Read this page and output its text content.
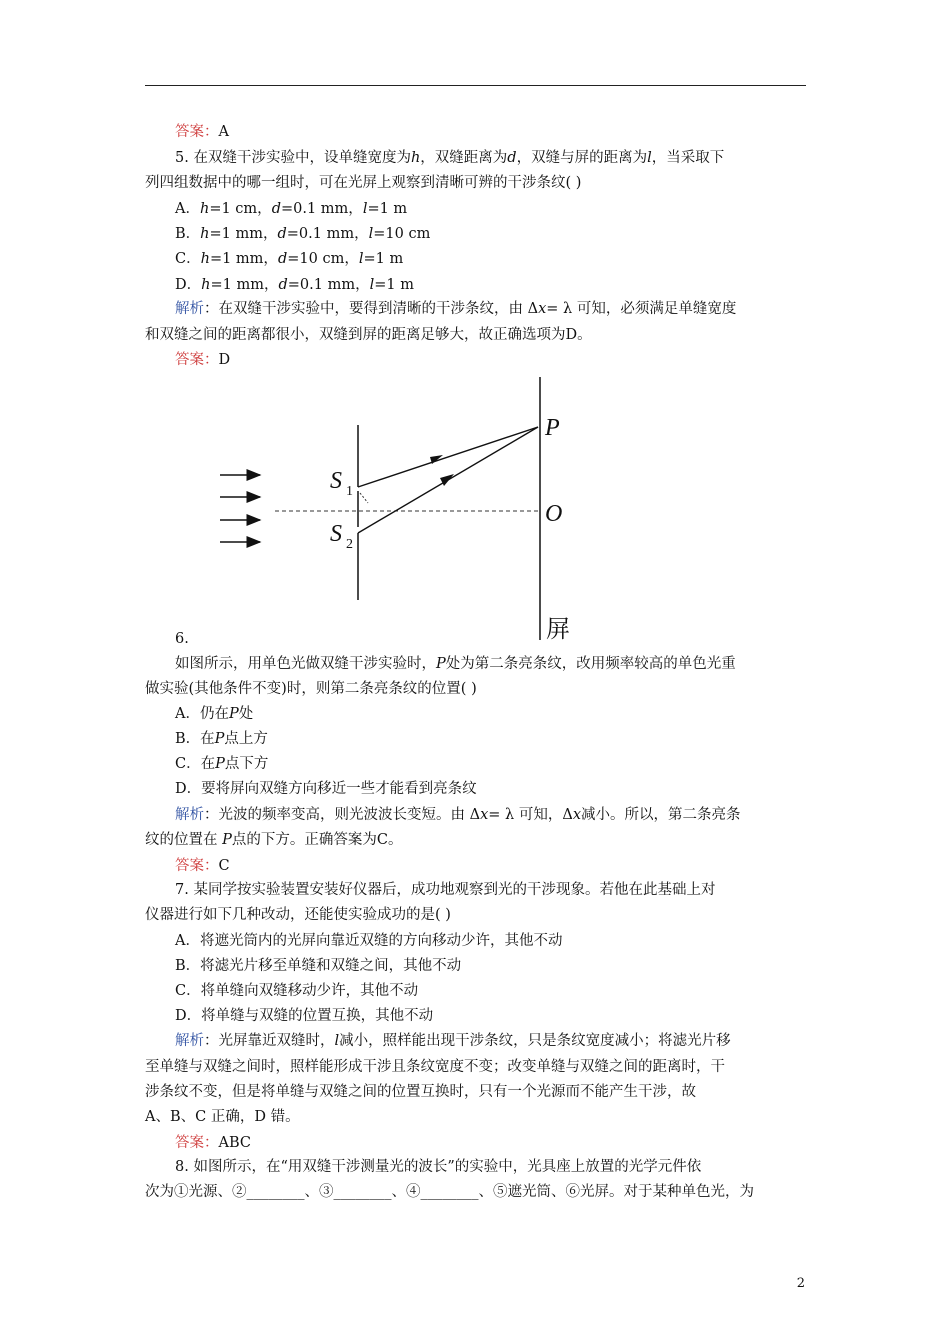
答案：A
5. 在双缝干涉实验中，设单缝宽度为h，双缝距离为d，双缝与屏的距离为l，当采取下
列四组数据中的哪一组时，可在光屏上观察到清晰可辨的干涉条纹( )
A．h=1 cm，d=0.1 mm，l=1 m
B．h=1 mm，d=0.1 mm，l=10 cm
C．h=1 mm，d=10 cm，l=1 m
D．h=1 mm，d=0.1 mm，l=1 m
解析：在双缝干涉实验中，要得到清晰的干涉条纹，由 Δx= λ 可知，必须满足单缝宽度
和双缝之间的距离都很小，双缝到屏的距离足够大，故正确选项为D。
答案：D
P
O
S 1
S 2
屏
6.
如图所示，用单色光做双缝干涉实验时，P处为第二条亮条纹，改用频率较高的单色光重
做实验(其他条件不变)时，则第二条亮条纹的位置( )
A．仍在P处
B．在P点上方
C．在P点下方
D．要将屏向双缝方向移近一些才能看到亮条纹
解析：光波的频率变高，则光波波长变短。由 Δx= λ 可知，Δx减小。所以，第二条亮条
纹的位置在 P点的下方。正确答案为C。
答案：C
7. 某同学按实验装置安装好仪器后，成功地观察到光的干涉现象。若他在此基础上对
仪器进行如下几种改动，还能使实验成功的是( )
A．将遮光筒内的光屏向靠近双缝的方向移动少许，其他不动
B．将滤光片移至单缝和双缝之间，其他不动
C．将单缝向双缝移动少许，其他不动
D．将单缝与双缝的位置互换，其他不动
解析：光屏靠近双缝时，l减小，照样能出现干涉条纹，只是条纹宽度减小；将滤光片移
至单缝与双缝之间时，照样能形成干涉且条纹宽度不变；改变单缝与双缝之间的距离时，干
涉条纹不变，但是将单缝与双缝之间的位置互换时，只有一个光源而不能产生干涉，故
A、B、C 正确，D 错。
答案：ABC
8. 如图所示，在“用双缝干涉测量光的波长”的实验中，光具座上放置的光学元件依
次为①光源、②________、③________、④________、⑤遮光筒、⑥光屏。对于某种单色光，为
2
